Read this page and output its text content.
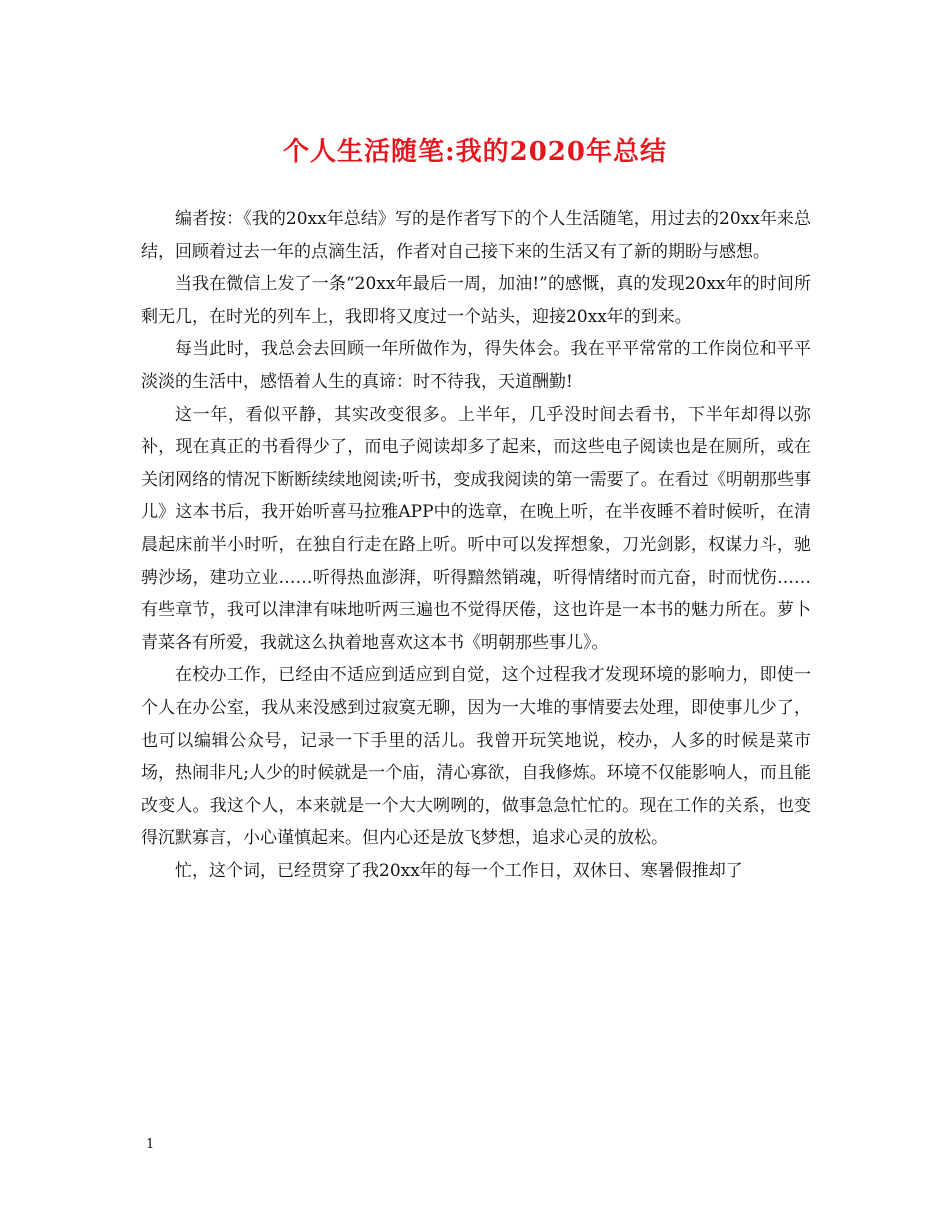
个人生活随笔:我的2020年总结

编者按：《我的20xx年总结》写的是作者写下的个人生活随笔，用过去的20xx年来总结，回顾着过去一年的点滴生活，作者对自己接下来的生活又有了新的期盼与感想。

当我在微信上发了一条“20xx年最后一周，加油!”的感慨，真的发现20xx年的时间所剩无几，在时光的列车上，我即将又度过一个站头，迎接20xx年的到来。

每当此时，我总会去回顾一年所做作为，得失体会。我在平平常常的工作岗位和平平淡淡的生活中，感悟着人生的真谛：时不待我，天道酬勤!

这一年，看似平静，其实改变很多。上半年，几乎没时间去看书，下半年却得以弥补，现在真正的书看得少了，而电子阅读却多了起来，而这些电子阅读也是在厕所，或在关闭网络的情况下断断续续地阅读;听书，变成我阅读的第一需要了。在看过《明朝那些事儿》这本书后，我开始听喜马拉雅APP中的选章，在晚上听，在半夜睡不着时候听，在清晨起床前半小时听，在独自行走在路上听。听中可以发挥想象，刀光剑影，权谋力斗，驰骋沙场，建功立业……听得热血澎湃，听得黯然销魂，听得情绪时而亢奋，时而忧伤……有些章节，我可以津津有味地听两三遍也不觉得厌倦，这也许是一本书的魅力所在。萝卜青菜各有所爱，我就这么执着地喜欢这本书《明朝那些事儿》。

在校办工作，已经由不适应到适应到自觉，这个过程我才发现环境的影响力，即使一个人在办公室，我从来没感到过寂寞无聊，因为一大堆的事情要去处理，即使事儿少了，也可以编辑公众号，记录一下手里的活儿。我曾开玩笑地说，校办，人多的时候是菜市场，热闹非凡;人少的时候就是一个庙，清心寡欲，自我修炼。环境不仅能影响人，而且能改变人。我这个人，本来就是一个大大咧咧的，做事急急忙忙的。现在工作的关系，也变得沉默寡言，小心谨慎起来。但内心还是放飞梦想，追求心灵的放松。

忙，这个词，已经贯穿了我20xx年的每一个工作日，双休日、寒暑假推却了

1
